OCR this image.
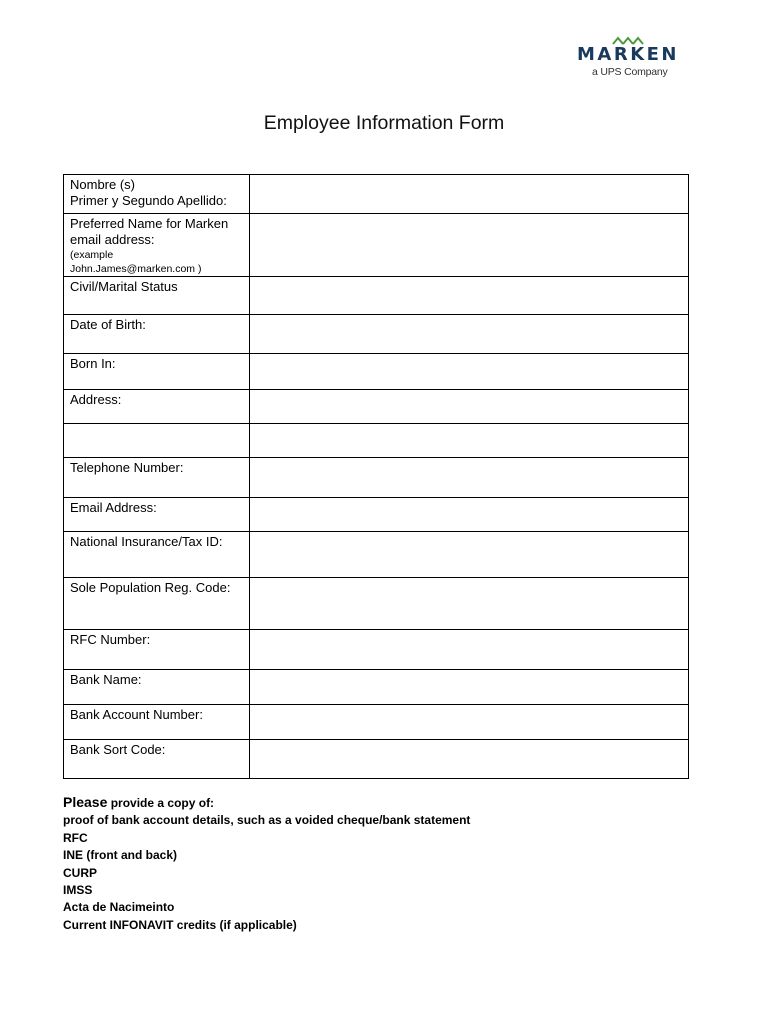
MARKEN
a UPS Company
Employee Information Form
Nombre (s)
Primer y Segundo Apellido:	

Preferred Name for Marken
email address:
(example
John.James@marken.com )	

Civil/Marital Status	

Date of Birth:	

Born In:	

Address:	

Telephone Number:	

Email Address:	

National Insurance/Tax ID:	

Sole Population Reg. Code:	

RFC Number:	

Bank Name:	

Bank Account Number:	

Bank Sort Code:	

Please provide a copy of:
proof of bank account details, such as a voided cheque/bank statement
RFC
INE (front and back)
CURP
IMSS
Acta de Nacimeinto
Current INFONAVIT credits (if applicable)
